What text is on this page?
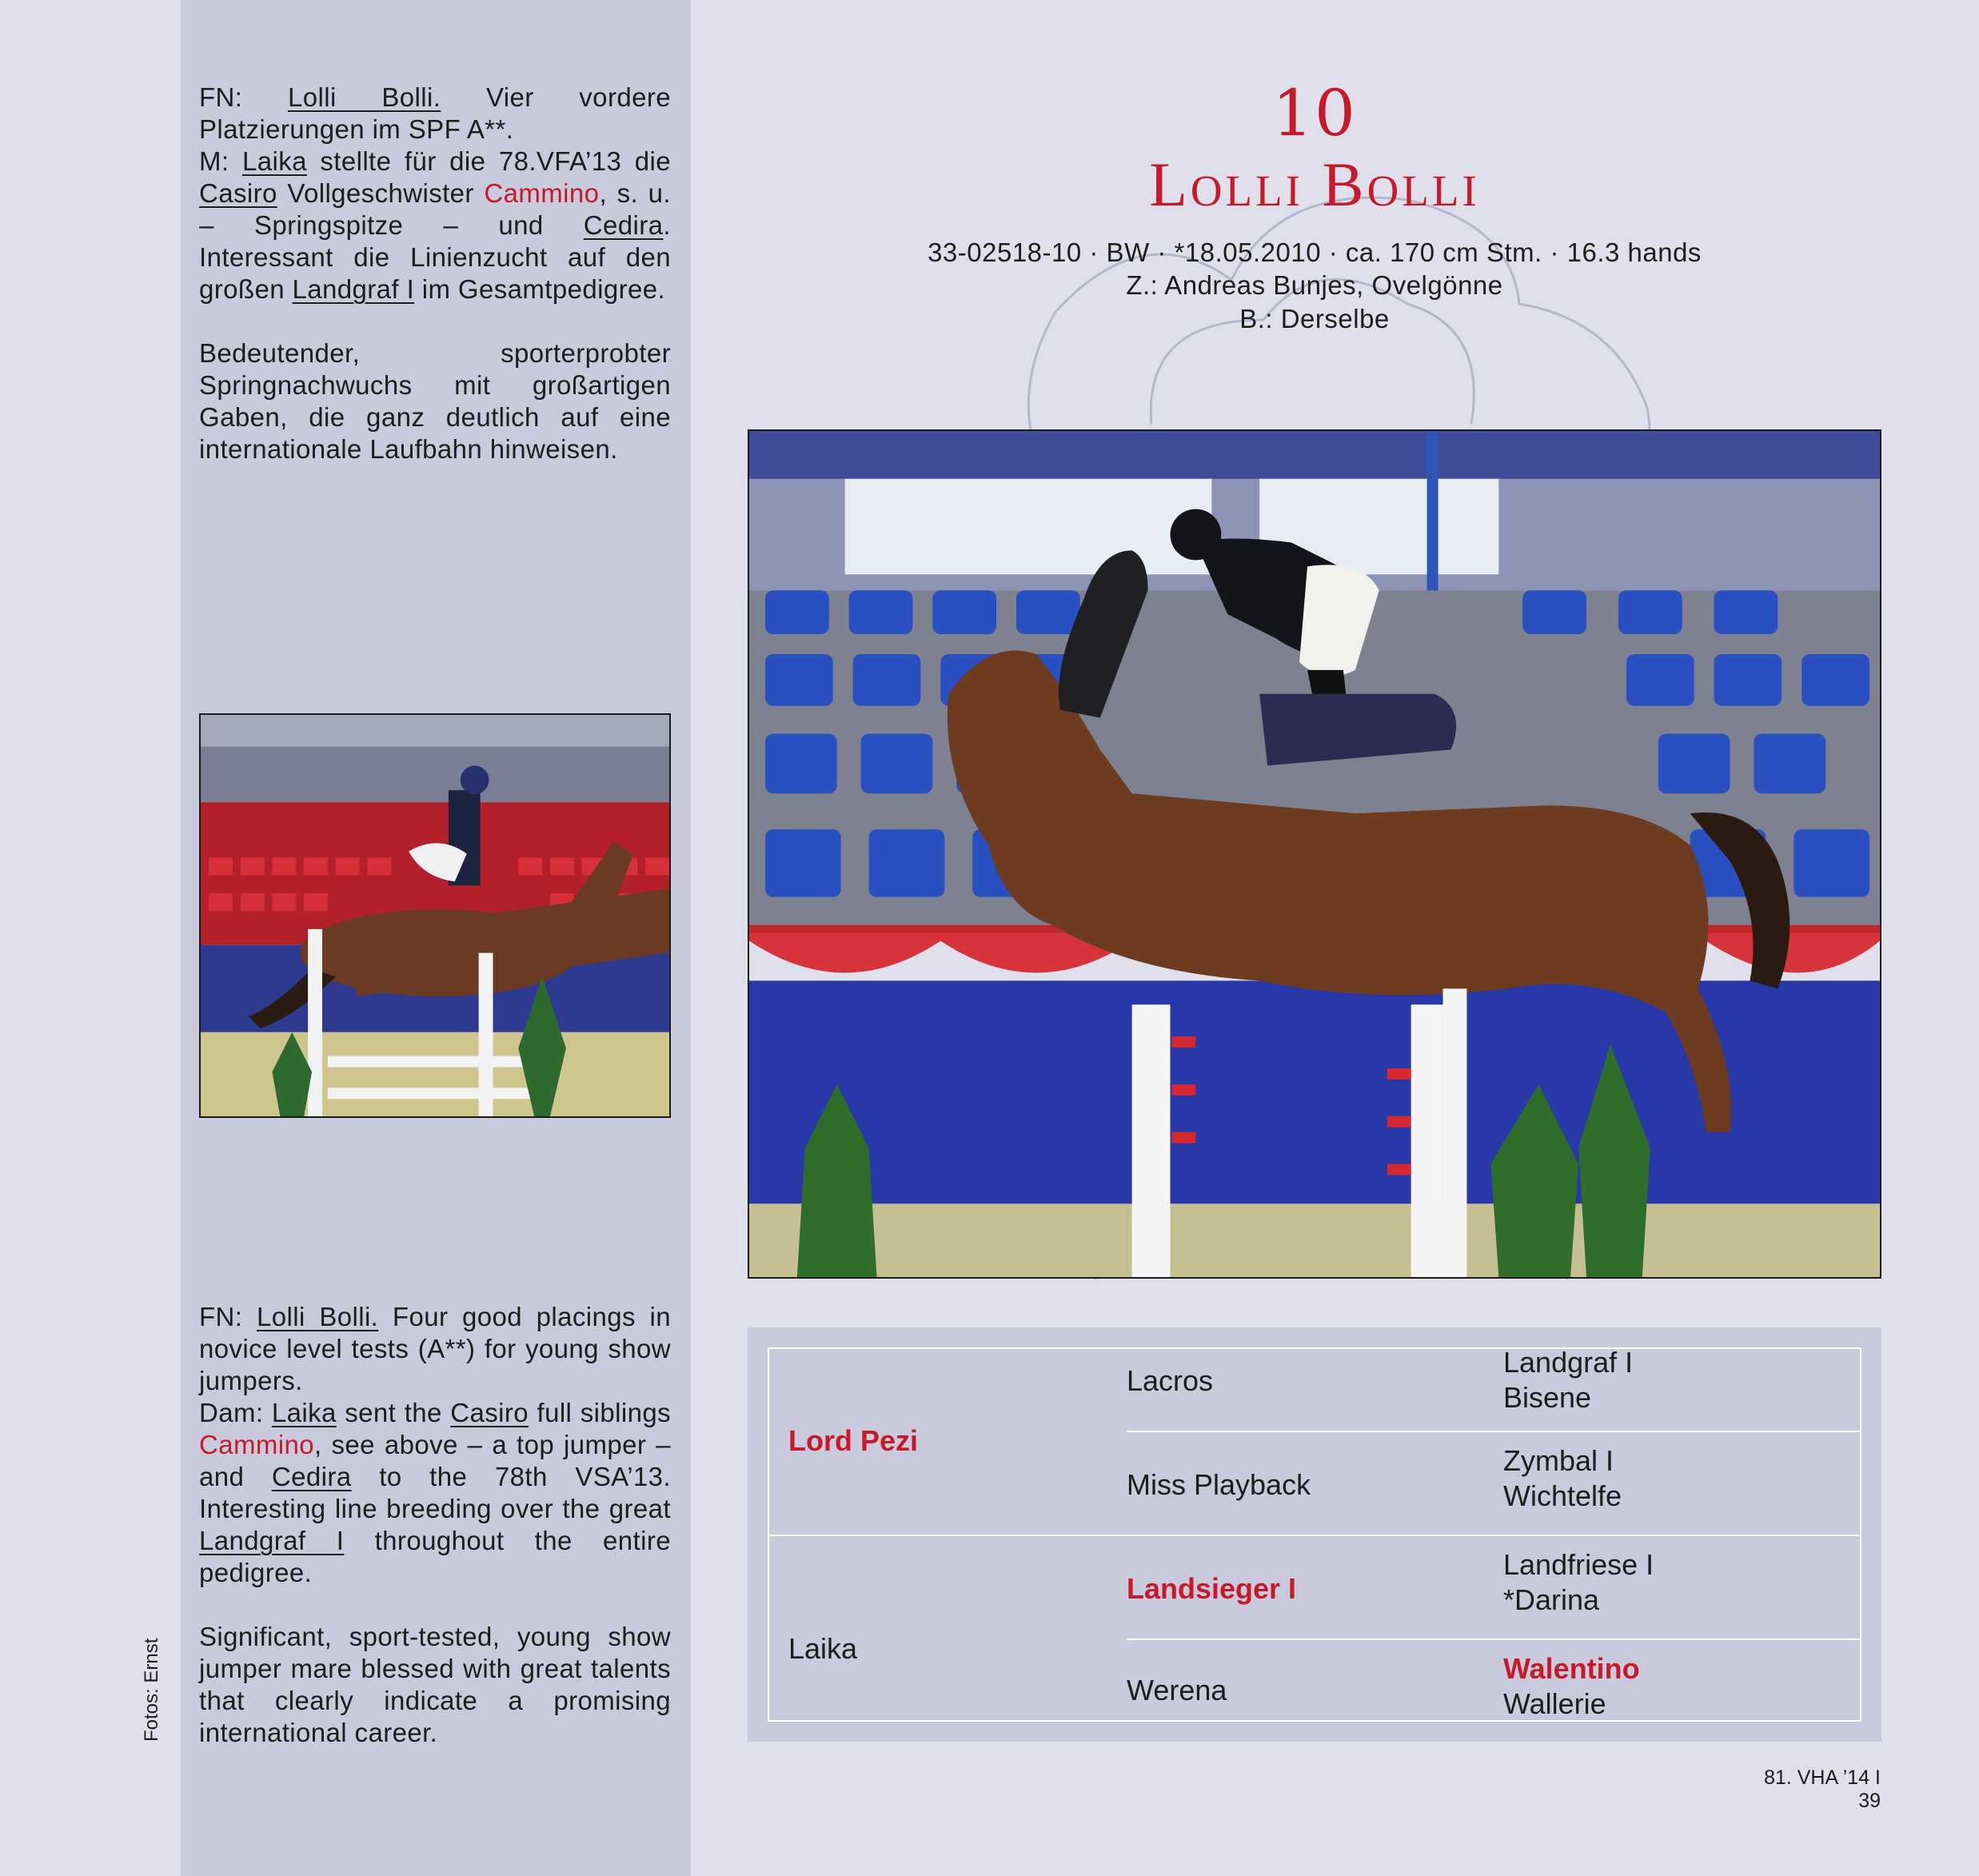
FN: Lolli Bolli. Vier vordere Platzierungen im SPF A**.
M: Laika stellte für die 78.VFA’13 die Casiro Vollgeschwister Cammino, s. u. – Springspitze – und Cedira. Interessant die Linienzucht auf den großen Landgraf I im Gesamtpedigree.

Bedeutender, sporterprobter Springnachwuchs mit großartigen Gaben, die ganz deutlich auf eine internationale Laufbahn hinweisen.

FN: Lolli Bolli. Four good placings in novice level tests (A**) for young show jumpers.
Dam: Laika sent the Casiro full siblings Cammino, see above – a top jumper – and Cedira to the 78th VSA’13. Interesting line breeding over the great Landgraf I throughout the entire pedigree.

Significant, sport-tested, young show jumper mare blessed with great talents that clearly indicate a promising international career.

Fotos: Ernst
10
Lolli Bolli
33-02518-10 · BW · *18.05.2010 · ca. 170 cm Stm. · 16.3 hands
Z.: Andreas Bunjes, Ovelgönne
B.: Derselbe
Lord Pezi
Laika
Lacros
Miss Playback
Landsieger I
Werena
Landgraf I
Bisene
Zymbal I
Wichtelfe
Landfriese I
*Darina
Walentino
Wallerie
81. VHA ’14 I 39
